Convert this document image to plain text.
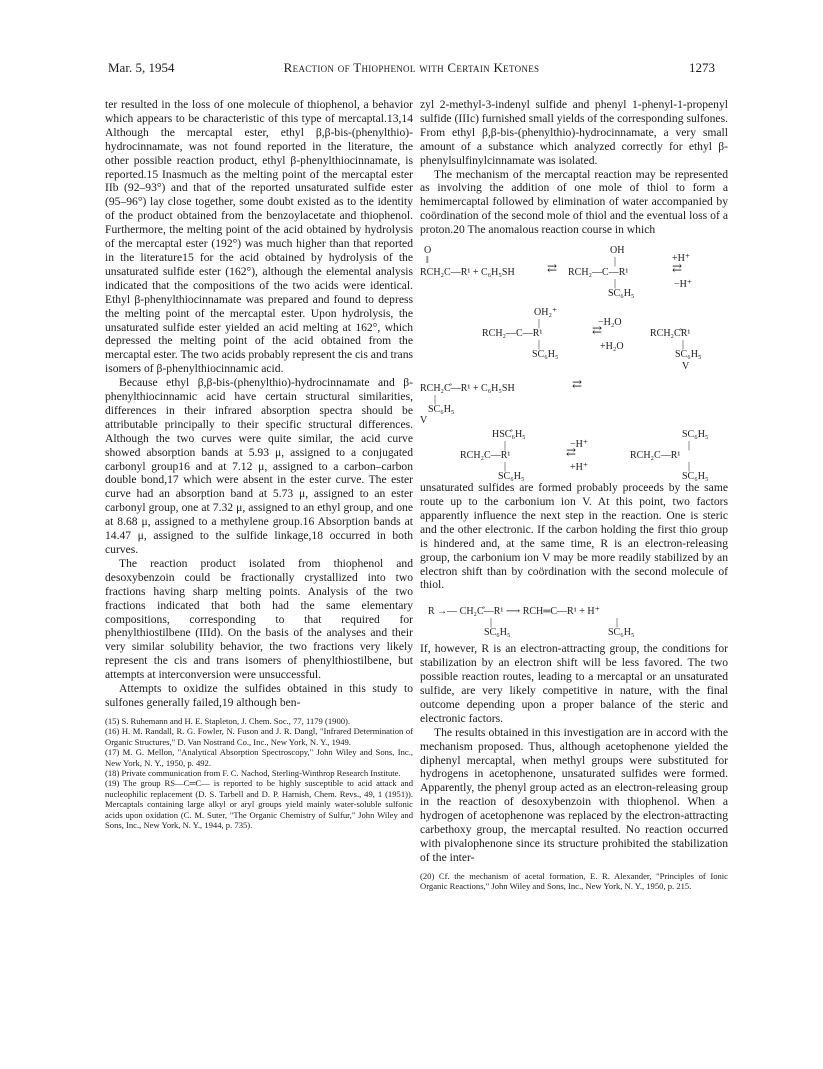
Mar. 5, 1954	Reaction of Thiophenol with Certain Ketones	1273

ter resulted in the loss of one molecule of thiophenol, a behavior which appears to be characteristic of this type of mercaptal.13,14 Although the mercaptal ester, ethyl β,β-bis-(phenylthio)-hydrocinnamate, was not found reported in the literature, the other possible reaction product, ethyl β-phenylthiocinnamate, is reported.15 Inasmuch as the melting point of the mercaptal ester IIb (92–93°) and that of the reported unsaturated sulfide ester (95–96°) lay close together, some doubt existed as to the identity of the product obtained from the benzoylacetate and thiophenol. Furthermore, the melting point of the acid obtained by hydrolysis of the mercaptal ester (192°) was much higher than that reported in the literature15 for the acid obtained by hydrolysis of the unsaturated sulfide ester (162°), although the elemental analysis indicated that the compositions of the two acids were identical. Ethyl β-phenylthiocinnamate was prepared and found to depress the melting point of the mercaptal ester. Upon hydrolysis, the unsaturated sulfide ester yielded an acid melting at 162°, which depressed the melting point of the acid obtained from the mercaptal ester. The two acids probably represent the cis and trans isomers of β-phenylthiocinnamic acid.

Because ethyl β,β-bis-(phenylthio)-hydrocinnamate and β-phenylthiocinnamic acid have certain structural similarities, differences in their infrared absorption spectra should be attributable principally to their specific structural differences. Although the two curves were quite similar, the acid curve showed absorption bands at 5.93 μ, assigned to a conjugated carbonyl group16 and at 7.12 μ, assigned to a carbon–carbon double bond,17 which were absent in the ester curve. The ester curve had an absorption band at 5.73 μ, assigned to an ester carbonyl group, one at 7.32 μ, assigned to an ethyl group, and one at 8.68 μ, assigned to a methylene group.16 Absorption bands at 14.47 μ, assigned to the sulfide linkage,18 occurred in both curves.

The reaction product isolated from thiophenol and desoxybenzoin could be fractionally crystallized into two fractions having sharp melting points. Analysis of the two fractions indicated that both had the same elementary compositions, corresponding to that required for phenylthiostilbene (IIId). On the basis of the analyses and their very similar solubility behavior, the two fractions very likely represent the cis and trans isomers of phenylthiostilbene, but attempts at interconversion were unsuccessful.

Attempts to oxidize the sulfides obtained in this study to sulfones generally failed,19 although ben-

(15) S. Ruhemann and H. E. Stapleton, J. Chem. Soc., 77, 1179 (1900).

(16) H. M. Randall, R. G. Fowler, N. Fuson and J. R. Dangl, "Infrared Determination of Organic Structures," D. Van Nostrand Co., Inc., New York, N. Y., 1949.

(17) M. G. Mellon, "Analytical Absorption Spectroscopy," John Wiley and Sons, Inc., New York, N. Y., 1950, p. 492.

(18) Private communication from F. C. Nachod, Sterling-Winthrop Research Institute.

(19) The group RS—C═C— is reported to be highly susceptible to acid attack and nucleophilic replacement (D. S. Tarbell and D. P. Harnish, Chem. Revs., 49, 1 (1951)). Mercaptals containing large alkyl or aryl groups yield mainly water-soluble sulfonic acids upon oxidation (C. M. Suter, "The Organic Chemistry of Sulfur," John Wiley and Sons, Inc., New York, N. Y., 1944, p. 735).

zyl 2-methyl-3-indenyl sulfide and phenyl 1-phenyl-1-propenyl sulfide (IIIc) furnished small yields of the corresponding sulfones. From ethyl β,β-bis-(phenylthio)-hydrocinnamate, a very small amount of a substance which analyzed correctly for ethyl β-phenylsulfinylcinnamate was isolated.

The mechanism of the mercaptal reaction may be represented as involving the addition of one mole of thiol to form a hemimercaptal followed by elimination of water accompanied by coördination of the second mole of thiol and the eventual loss of a proton.20 The anomalous reaction course in which

O
‖
RCH₂C—R¹ + C₆H₅SH	⇄ RCH₂—C—R¹
OH
|
|
SC₆H₅
+H⁺
⇄
−H⁺
OH₂⁺
|
RCH₂—C—R¹
|
SC₆H₅
−H₂O
⇄
+H₂O
RCH₂C̊R¹
|
SC₆H₅
V
RCH₂C̊—R¹ + C₆H₅SH	⇄
|
SC₆H₅
V
HSC̊₆H₅
|
RCH₂C—R¹
|
SC₆H₅
−H⁺
⇄
+H⁺
SC₆H₅
|
RCH₂C—R¹
|
SC₆H₅

unsaturated sulfides are formed probably proceeds by the same route up to the carbonium ion V. At this point, two factors apparently influence the next step in the reaction. One is steric and the other electronic. If the carbon holding the first thio group is hindered and, at the same time, R is an electron-releasing group, the carbonium ion V may be more readily stabilized by an electron shift than by coördination with the second molecule of thiol.

R →— CH₂C̊—R¹ ⟶ RCH═C—R¹ + H⁺
|
SC₆H₅
|
SC₆H₅

If, however, R is an electron-attracting group, the conditions for stabilization by an electron shift will be less favored. The two possible reaction routes, leading to a mercaptal or an unsaturated sulfide, are very likely competitive in nature, with the final outcome depending upon a proper balance of the steric and electronic factors.

The results obtained in this investigation are in accord with the mechanism proposed. Thus, although acetophenone yielded the diphenyl mercaptal, when methyl groups were substituted for hydrogens in acetophenone, unsaturated sulfides were formed. Apparently, the phenyl group acted as an electron-releasing group in the reaction of desoxybenzoin with thiophenol. When a hydrogen of acetophenone was replaced by the electron-attracting carbethoxy group, the mercaptal resulted. No reaction occurred with pivalophenone since its structure prohibited the stabilization of the inter-

(20) Cf. the mechanism of acetal formation, E. R. Alexander, "Principles of Ionic Organic Reactions," John Wiley and Sons, Inc., New York, N. Y., 1950, p. 215.
